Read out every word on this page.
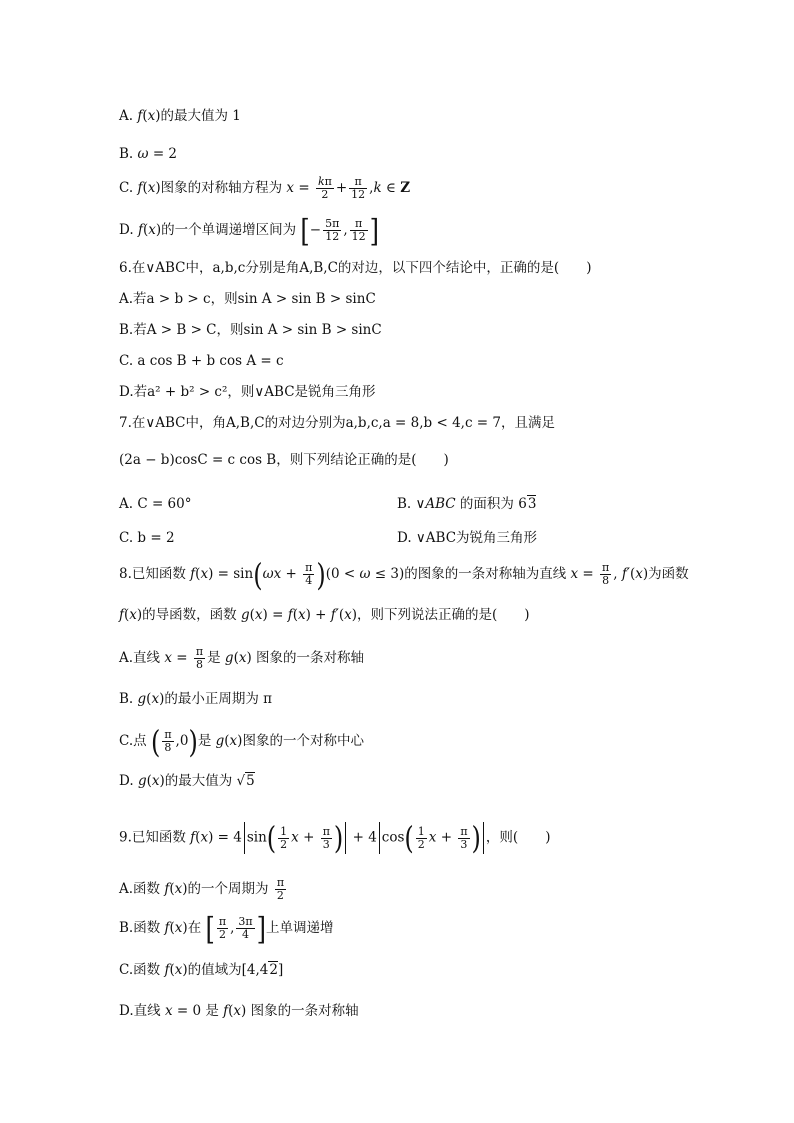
A. f(x)的最大值为 1
B. ω = 2
C. f(x)图象的对称轴方程为 $x = \frac{k\pi}{2} + \frac{\pi}{12} ,k$ ∈ Z
D. f(x)的一个单调递增区间为 [− $\frac{5\pi}{12}$ , $\frac{\pi}{12}$ ]
6.在∨ABC中，a,b,c分别是角A,B,C的对边，以下四个结论中，正确的是(　　)
A.若a > b > c，则sin A > sin B > sinC
B.若A > B > C，则sin A > sin B > sinC
C. a cos B + b cos A = c
D.若a² + b² > c²，则∨ABC是锐角三角形
7.在∨ABC中，角A,B,C的对边分别为a,b,c,a = 8,b < 4,c = 7，且满足
(2a − b)cosC = c cos B，则下列结论正确的是(　　)
A. C = 60°	B. ∨ABC 的面积为 63
C. b = 2	D. ∨ABC为锐角三角形
8.已知函数 $f(x) = \sin(\omega x + \frac{\pi}{4} )(0 < \omega \le 3)$的图象的一条对称轴为直线 $x = \frac{\pi}{8}$ , f′(x)为函数
f(x)的导函数，函数 g(x) = f(x) + f′(x)，则下列说法正确的是(　　)
A.直线 $x = \frac{\pi}{8}$ 是 g(x) 图象的一条对称轴
B. g(x)的最小正周期为 π
C.点 ( $\frac{\pi}{8} ,0$)是 g(x)图象的一个对称中心
D. g(x)的最大值为 √5
9.已知函数 f(x) = 4 $\sin( \frac{1}{2}$ $x + \frac{\pi}{3}$ ) + 4 $\cos( \frac{1}{2}$ $x + \frac{\pi}{3}$ ) ，则(　　)
A.函数 f(x)的一个周期为 $\frac{\pi}{2}$
B.函数 f(x)在 [ $\frac{\pi}{2}$ , $\frac{3\pi}{4}$ ]上单调递增
C.函数 f(x)的值域为[4,42]
D.直线 x = 0 是 f(x) 图象的一条对称轴
